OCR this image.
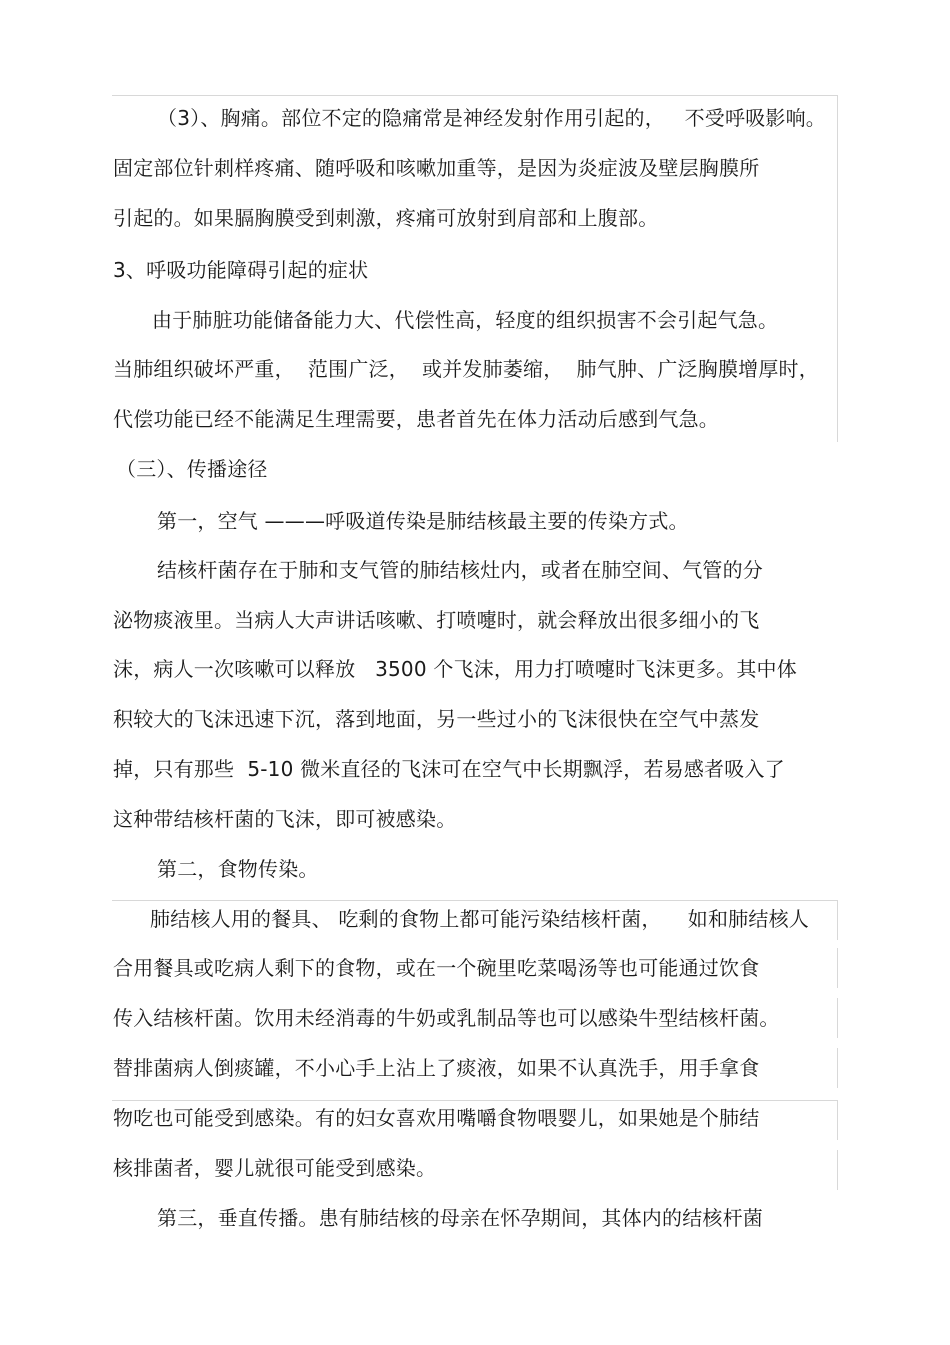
（3）、胸痛。部位不定的隐痛常是神经发射作用引起的，   不受呼吸影响。
固定部位针刺样疼痛、随呼吸和咳嗽加重等，是因为炎症波及壁层胸膜所
引起的。如果膈胸膜受到刺激，疼痛可放射到肩部和上腹部。
3、呼吸功能障碍引起的症状
由于肺脏功能储备能力大、代偿性高，轻度的组织损害不会引起气急。
当肺组织破坏严重，  范围广泛，  或并发肺萎缩，  肺气肿、广泛胸膜增厚时，
代偿功能已经不能满足生理需要，患者首先在体力活动后感到气急。
（三）、传播途径
第一，空气 ———呼吸道传染是肺结核最主要的传染方式。
结核杆菌存在于肺和支气管的肺结核灶内，或者在肺空间、气管的分
泌物痰液里。当病人大声讲话咳嗽、打喷嚏时，就会释放出很多细小的飞
沫，病人一次咳嗽可以释放   3500 个飞沫，用力打喷嚏时飞沫更多。其中体
积较大的飞沫迅速下沉，落到地面，另一些过小的飞沫很快在空气中蒸发
掉，只有那些  5-10 微米直径的飞沫可在空气中长期飘浮，若易感者吸入了
这种带结核杆菌的飞沫，即可被感染。
第二，食物传染。
肺结核人用的餐具、 吃剩的食物上都可能污染结核杆菌，    如和肺结核人
合用餐具或吃病人剩下的食物，或在一个碗里吃菜喝汤等也可能通过饮食
传入结核杆菌。饮用未经消毒的牛奶或乳制品等也可以感染牛型结核杆菌。
替排菌病人倒痰罐，不小心手上沾上了痰液，如果不认真洗手，用手拿食
物吃也可能受到感染。有的妇女喜欢用嘴嚼食物喂婴儿，如果她是个肺结
核排菌者，婴儿就很可能受到感染。
第三，垂直传播。患有肺结核的母亲在怀孕期间，其体内的结核杆菌
